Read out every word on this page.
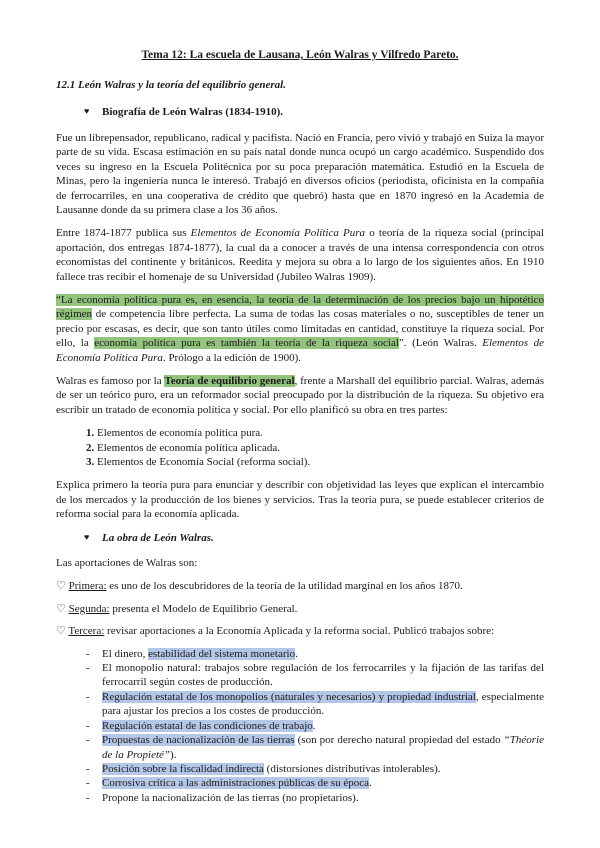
Tema 12: La escuela de Lausana, León Walras y Vilfredo Pareto.
12.1 León Walras y la teoría del equilibrio general.
♥ Biografía de León Walras (1834-1910).

Fue un librepensador, republicano, radical y pacifista. Nació en Francia, pero vivió y trabajó en Suiza la mayor parte de su vida. Escasa estimación en su país natal donde nunca ocupó un cargo académico. Suspendido dos veces su ingreso en la Escuela Politécnica por su poca preparación matemática. Estudió en la Escuela de Minas, pero la ingeniería nunca le interesó. Trabajó en diversos oficios (periodista, oficinista en la compañía de ferrocarriles, en una cooperativa de crédito que quebró) hasta que en 1870 ingresó en la Academia de Lausanne donde da su primera clase a los 36 años.

Entre 1874-1877 publica sus Elementos de Economía Política Pura o teoría de la riqueza social (principal aportación, dos entregas 1874-1877), la cual da a conocer a través de una intensa correspondencia con otros economistas del continente y británicos. Reedita y mejora su obra a lo largo de los siguientes años. En 1910 fallece tras recibir el homenaje de su Universidad (Jubileo Walras 1909).

“La economía política pura es, en esencia, la teoría de la determinación de los precios bajo un hipotético régimen de competencia libre perfecta. La suma de todas las cosas materiales o no, susceptibles de tener un precio por escasas, es decir, que son tanto útiles como limitadas en cantidad, constituye la riqueza social. Por ello, la economía política pura es también la teoría de la riqueza social”. (León Walras. Elementos de Economía Política Pura. Prólogo a la edición de 1900).

Walras es famoso por la Teoría de equilibrio general, frente a Marshall del equilibrio parcial. Walras, además de ser un teórico puro, era un reformador social preocupado por la distribución de la riqueza. Su objetivo era escribir un tratado de economía política y social. Por ello planificó su obra en tres partes:

1. Elementos de economía política pura.
2. Elementos de economía política aplicada.
3. Elementos de Economía Social (reforma social).

Explica primero la teoría pura para enunciar y describir con objetividad las leyes que explican el intercambio de los mercados y la producción de los bienes y servicios. Tras la teoría pura, se puede establecer criterios de reforma social para la economía aplicada.

♥ La obra de León Walras.

Las aportaciones de Walras son:

♡ Primera: es uno de los descubridores de la teoría de la utilidad marginal en los años 1870.

♡ Segunda: presenta el Modelo de Equilibrio General.

♡ Tercera: revisar aportaciones a la Economía Aplicada y la reforma social. Publicó trabajos sobre:

-	El dinero, estabilidad del sistema monetario.
-	El monopolio natural: trabajos sobre regulación de los ferrocarriles y la fijación de las tarifas del ferrocarril según costes de producción.
-	Regulación estatal de los monopolios (naturales y necesarios) y propiedad industrial, especialmente para ajustar los precios a los costes de producción.
-	Regulación estatal de las condiciones de trabajo.
-	Propuestas de nacionalización de las tierras (son por derecho natural propiedad del estado “Théorie de la Propieté”).
-	Posición sobre la fiscalidad indirecta (distorsiones distributivas intolerables).
-	Corrosiva crítica a las administraciones públicas de su época.
-	Propone la nacionalización de las tierras (no propietarios).
